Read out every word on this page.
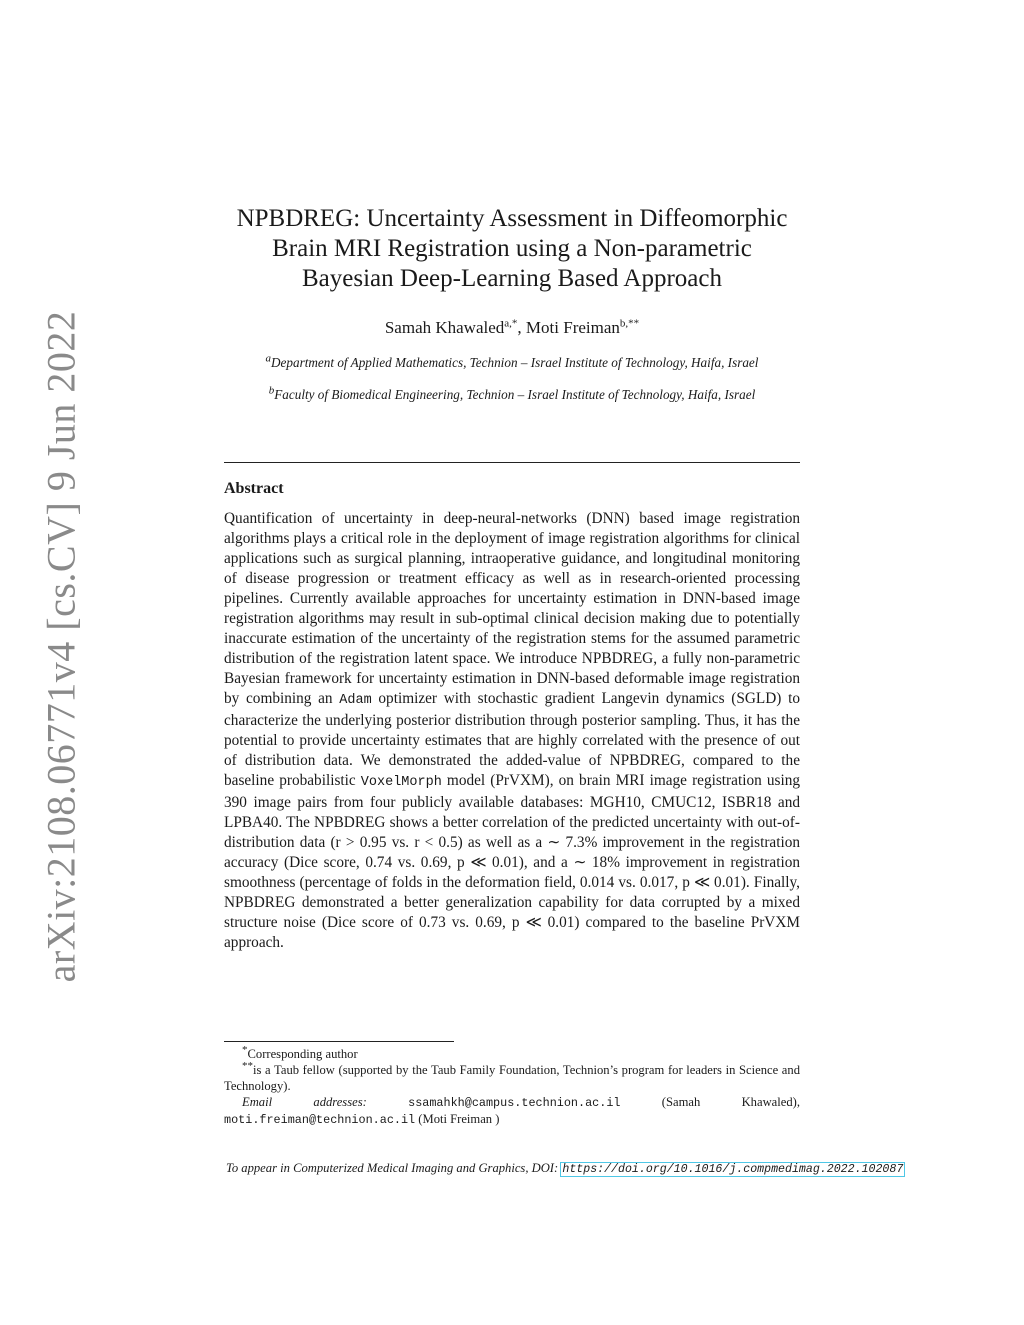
arXiv:2108.06771v4 [cs.CV] 9 Jun 2022
NPBDREG: Uncertainty Assessment in Diffeomorphic
Brain MRI Registration using a Non-parametric
Bayesian Deep-Learning Based Approach
Samah Khawaled$^{a,*}$, Moti Freiman$^{b,**}$
$^a$Department of Applied Mathematics, Technion – Israel Institute of Technology, Haifa, Israel
$^b$Faculty of Biomedical Engineering, Technion – Israel Institute of Technology, Haifa, Israel
Abstract

Quantification of uncertainty in deep-neural-networks (DNN) based image registration algorithms plays a critical role in the deployment of image registration algorithms for clinical applications such as surgical planning, intraoperative guidance, and longitudinal monitoring of disease progression or treatment efficacy as well as in research-oriented processing pipelines. Currently available approaches for uncertainty estimation in DNN-based image registration algorithms may result in sub-optimal clinical decision making due to potentially inaccurate estimation of the uncertainty of the registration stems for the assumed parametric distribution of the registration latent space. We introduce NPBDREG, a fully non-parametric Bayesian framework for uncertainty estimation in DNN-based deformable image registration by combining an Adam optimizer with stochastic gradient Langevin dynamics (SGLD) to characterize the underlying posterior distribution through posterior sampling. Thus, it has the potential to provide uncertainty estimates that are highly correlated with the presence of out of distribution data. We demonstrated the added-value of NPBDREG, compared to the baseline probabilistic VoxelMorph model (PrVXM), on brain MRI image registration using 390 image pairs from four publicly available databases: MGH10, CMUC12, ISBR18 and LPBA40. The NPBDREG shows a better correlation of the predicted uncertainty with out-of-distribution data (r > 0.95 vs. r < 0.5) as well as a ∼ 7.3% improvement in the registration accuracy (Dice score, 0.74 vs. 0.69, p ≪ 0.01), and a ∼ 18% improvement in registration smoothness (percentage of folds in the deformation field, 0.014 vs. 0.017, p ≪ 0.01). Finally, NPBDREG demonstrated a better generalization capability for data corrupted by a mixed structure noise (Dice score of 0.73 vs. 0.69, p ≪ 0.01) compared to the baseline PrVXM approach.

*Corresponding author

**is a Taub fellow (supported by the Taub Family Foundation, Technion’s program for leaders in Science and Technology).

Email addresses:	ssamahkh@campus.technion.ac.il (Samah Khawaled), moti.freiman@technion.ac.il (Moti Freiman )

To appear in Computerized Medical Imaging and Graphics, DOI: https://doi.org/10.1016/j.compmedimag.2022.102087
